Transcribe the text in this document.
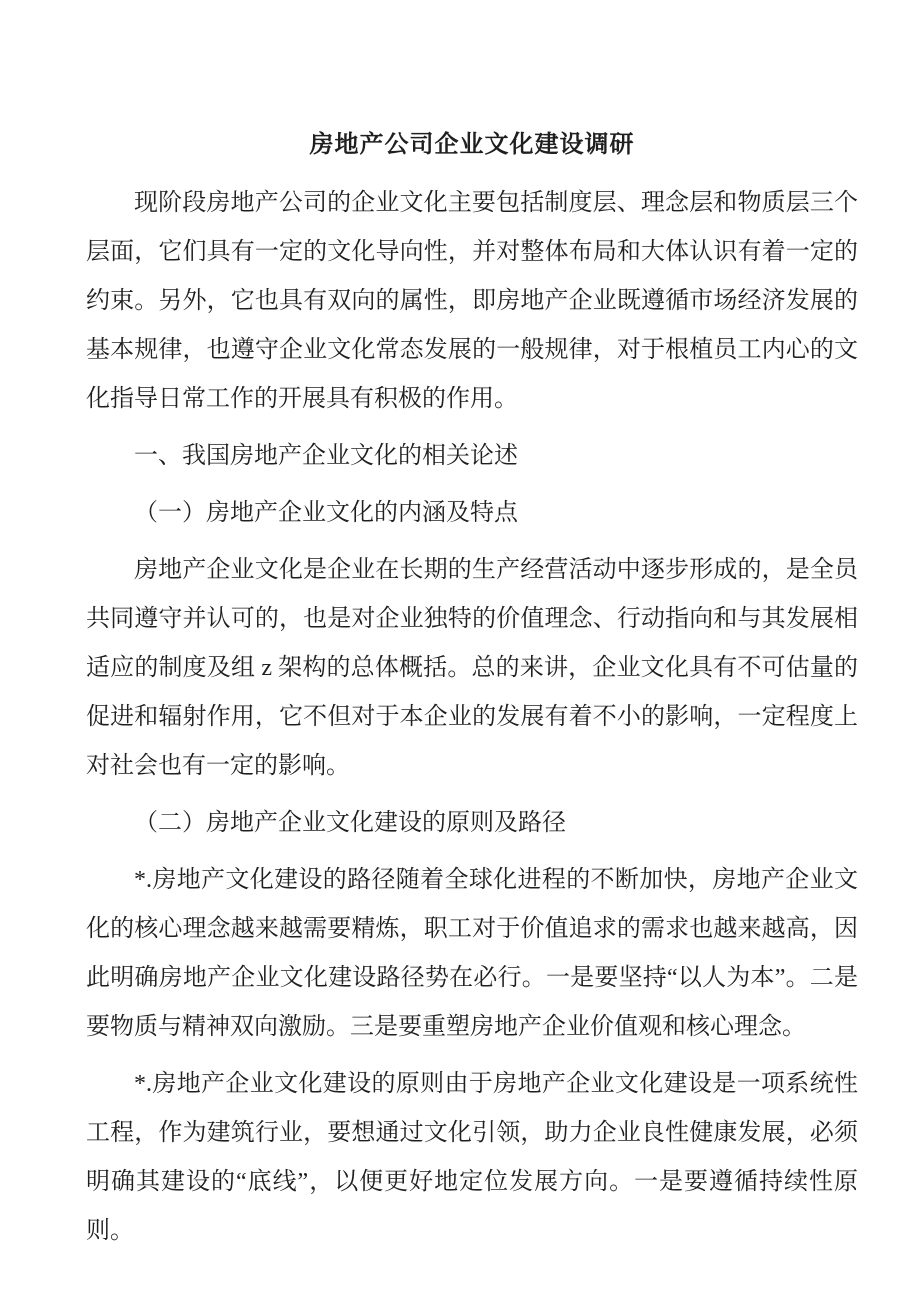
房地产公司企业文化建设调研

现阶段房地产公司的企业文化主要包括制度层、理念层和物质层三个层面，它们具有一定的文化导向性，并对整体布局和大体认识有着一定的约束。另外，它也具有双向的属性，即房地产企业既遵循市场经济发展的基本规律，也遵守企业文化常态发展的一般规律，对于根植员工内心的文化指导日常工作的开展具有积极的作用。

一、我国房地产企业文化的相关论述

（一）房地产企业文化的内涵及特点

房地产企业文化是企业在长期的生产经营活动中逐步形成的，是全员共同遵守并认可的，也是对企业独特的价值理念、行动指向和与其发展相适应的制度及组 z 架构的总体概括。总的来讲，企业文化具有不可估量的促进和辐射作用，它不但对于本企业的发展有着不小的影响，一定程度上对社会也有一定的影响。

（二）房地产企业文化建设的原则及路径

*.房地产文化建设的路径随着全球化进程的不断加快，房地产企业文化的核心理念越来越需要精炼，职工对于价值追求的需求也越来越高，因此明确房地产企业文化建设路径势在必行。一是要坚持“以人为本”。二是要物质与精神双向激励。三是要重塑房地产企业价值观和核心理念。

*.房地产企业文化建设的原则由于房地产企业文化建设是一项系统性工程，作为建筑行业，要想通过文化引领，助力企业良性健康发展，必须明确其建设的“底线”，以便更好地定位发展方向。一是要遵循持续性原则。
